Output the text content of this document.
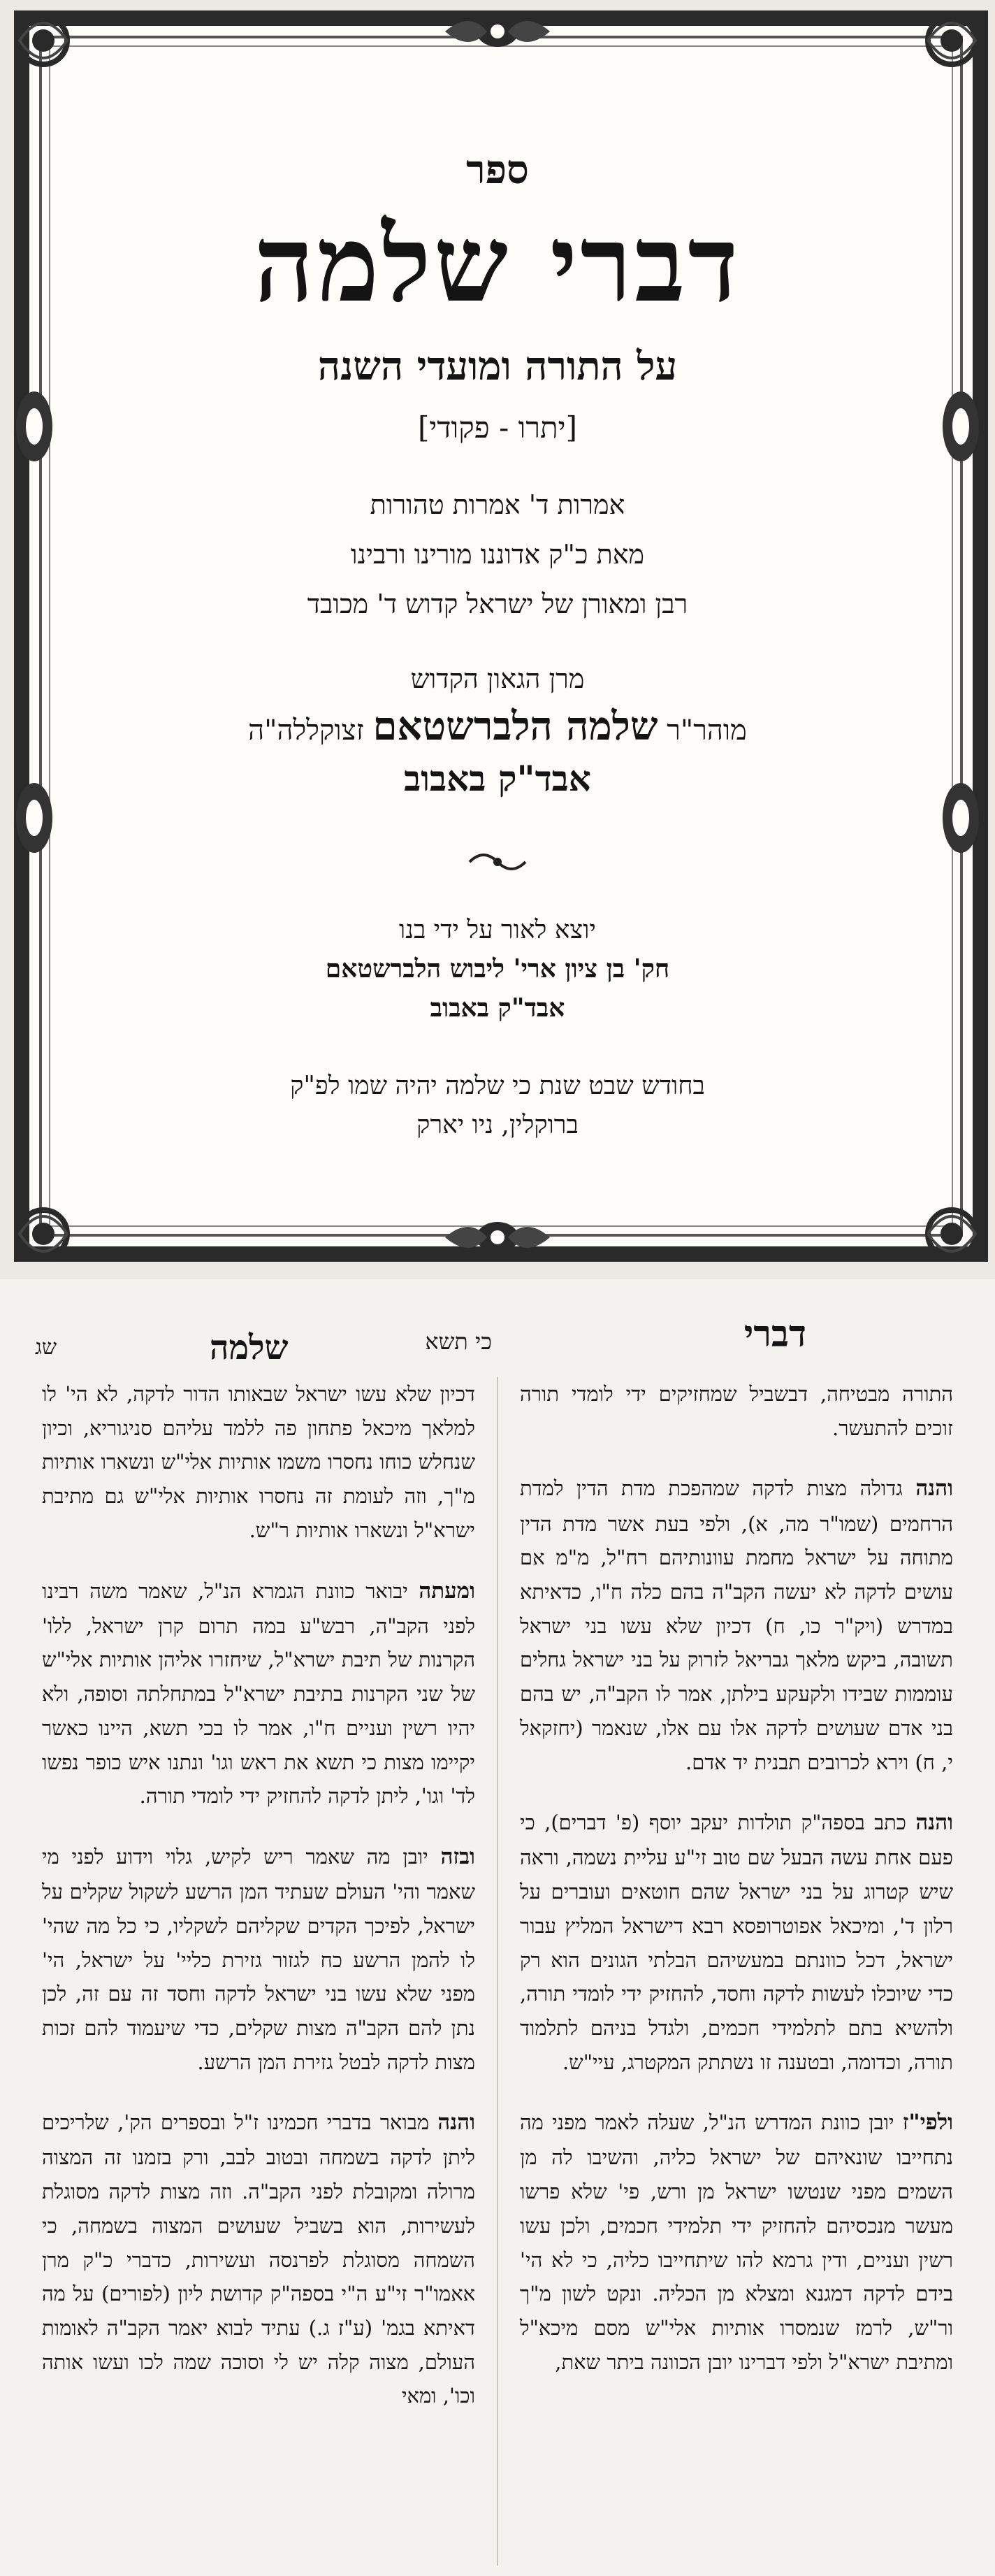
ספר
דברי שלמה
על התורה ומועדי השנה
[יתרו - פקודי]
אמרות ד' אמרות טהורות
מאת כ"ק אדוננו מורינו ורבינו
רבן ומאורן של ישראל קדוש ד' מכובד
מרן הגאון הקדוש
מוהר"ר שלמה הלברשטאם זצוקללה"ה
אבד"ק באבוב
יוצא לאור על ידי בנו
חק' בן ציון ארי' ליבוש הלברשטאם
אבד"ק באבוב
בחודש שבט שנת כי שלמה יהיה שמו לפ"ק
ברוקלין, ניו יארק
דברי
כי תשא
שלמה
שג

התורה מבטיחה, דבשביל שמחזיקים ידי לומדי תורה זוכים להתעשר.

והנה גדולה מצות לדקה שמהפכת מדת הדין למדת הרחמים (שמו"ר מה, א), ולפי בעת אשר מדת הדין מתוחה על ישראל מחמת עוונותיהם רח"ל, מ"מ אם עושים לדקה לא יעשה הקב"ה בהם כלה ח"ו, כדאיתא במדרש (ויק"ר כו, ח) דכיון שלא עשו בני ישראל תשובה, ביקש מלאך גבריאל לזרוק על בני ישראל גחלים עוממות שבידו ולקעקע בילתן, אמר לו הקב"ה, יש בהם בני אדם שעושים לדקה אלו עם אלו, שנאמר (יחזקאל י, ח) וירא לכרובים תבנית יד אדם.

והנה כתב בספה"ק תולדות יעקב יוסף (פ' דברים), כי פעם אחת עשה הבעל שם טוב זי"ע עליית נשמה, וראה שיש קטרוג על בני ישראל שהם חוטאים ועוברים על רלון ד', ומיכאל אפוטרופסא רבא דישראל המליץ עבור ישראל, דכל כוונתם במעשיהם הבלתי הגונים הוא רק כדי שיוכלו לעשות לדקה וחסד, להחזיק ידי לומדי תורה, ולהשיא בתם לתלמידי חכמים, ולגדל בניהם לתלמוד תורה, וכדומה, ובטענה זו נשתתק המקטרג, עיי"ש.

ולפי"ז יובן כוונת המדרש הנ"ל, שעלה לאמר מפני מה נתחייבו שונאיהם של ישראל כליה, והשיבו לה מן השמים מפני שנטשו ישראל מן ורש, פי' שלא פרשו מעשר מנכסיהם להחזיק ידי תלמידי חכמים, ולכן עשו רשין ועניים, ודין גרמא להו שיתחייבו כליה, כי לא הי' בידם לדקה דמגנא ומצלא מן הכליה. ונקט לשון מ"ך ור"ש, לרמז שנמסרו אותיות אלי"ש מסם מיכא"ל ומתיבת ישרא"ל ולפי דברינו יובן הכוונה ביתר שאת,

דכיון שלא עשו ישראל שבאותו הדור לדקה, לא הי' לו למלאך מיכאל פתחון פה ללמד עליהם סניגוריא, וכיון שנחלש כוחו נחסרו משמו אותיות אלי"ש ונשארו אותיות מ"ך, וזה לעומת זה נחסרו אותיות אלי"ש גם מתיבת ישרא"ל ונשארו אותיות ר"ש.

ומעתה יבואר כוונת הגמרא הנ"ל, שאמר משה רבינו לפני הקב"ה, רבש"ע במה תרום קרן ישראל, ללו' הקרנות של תיבת ישרא"ל, שיחזרו אליהן אותיות אלי"ש של שני הקרנות בתיבת ישרא"ל במתחלתה וסופה, ולא יהיו רשין ועניים ח"ו, אמר לו בכי תשא, היינו כאשר יקיימו מצות כי תשא את ראש וגו' ונתנו איש כופר נפשו לד' וגו', ליתן לדקה להחזיק ידי לומדי תורה.

ובזה יובן מה שאמר ריש לקיש, גלוי וידוע לפני מי שאמר והי' העולם שעתיד המן הרשע לשקול שקלים על ישראל, לפיכך הקדים שקליהם לשקליו, כי כל מה שהי' לו להמן הרשע כח לגזור גזירת כליי' על ישראל, הי' מפני שלא עשו בני ישראל לדקה וחסד זה עם זה, לכן נתן להם הקב"ה מצות שקלים, כדי שיעמוד להם זכות מצות לדקה לבטל גזירת המן הרשע.

והנה מבואר בדברי חכמינו ז"ל ובספרים הק', שלריכים ליתן לדקה בשמחה ובטוב לבב, ורק בזמנו זה המצוה מרולה ומקובלת לפני הקב"ה. וזה מצות לדקה מסוגלת לעשירות, הוא בשביל שעושים המצוה בשמחה, כי השמחה מסוגלת לפרנסה ועשירות, כדברי כ"ק מרן אאמו"ר זי"ע ה"י בספה"ק קדושת ליון (לפורים) על מה דאיתא בגמ' (ע"ז ג.) עתיד לבוא יאמר הקב"ה לאומות העולם, מצוה קלה יש לי וסוכה שמה לכו ועשו אותה וכו', ומאי
